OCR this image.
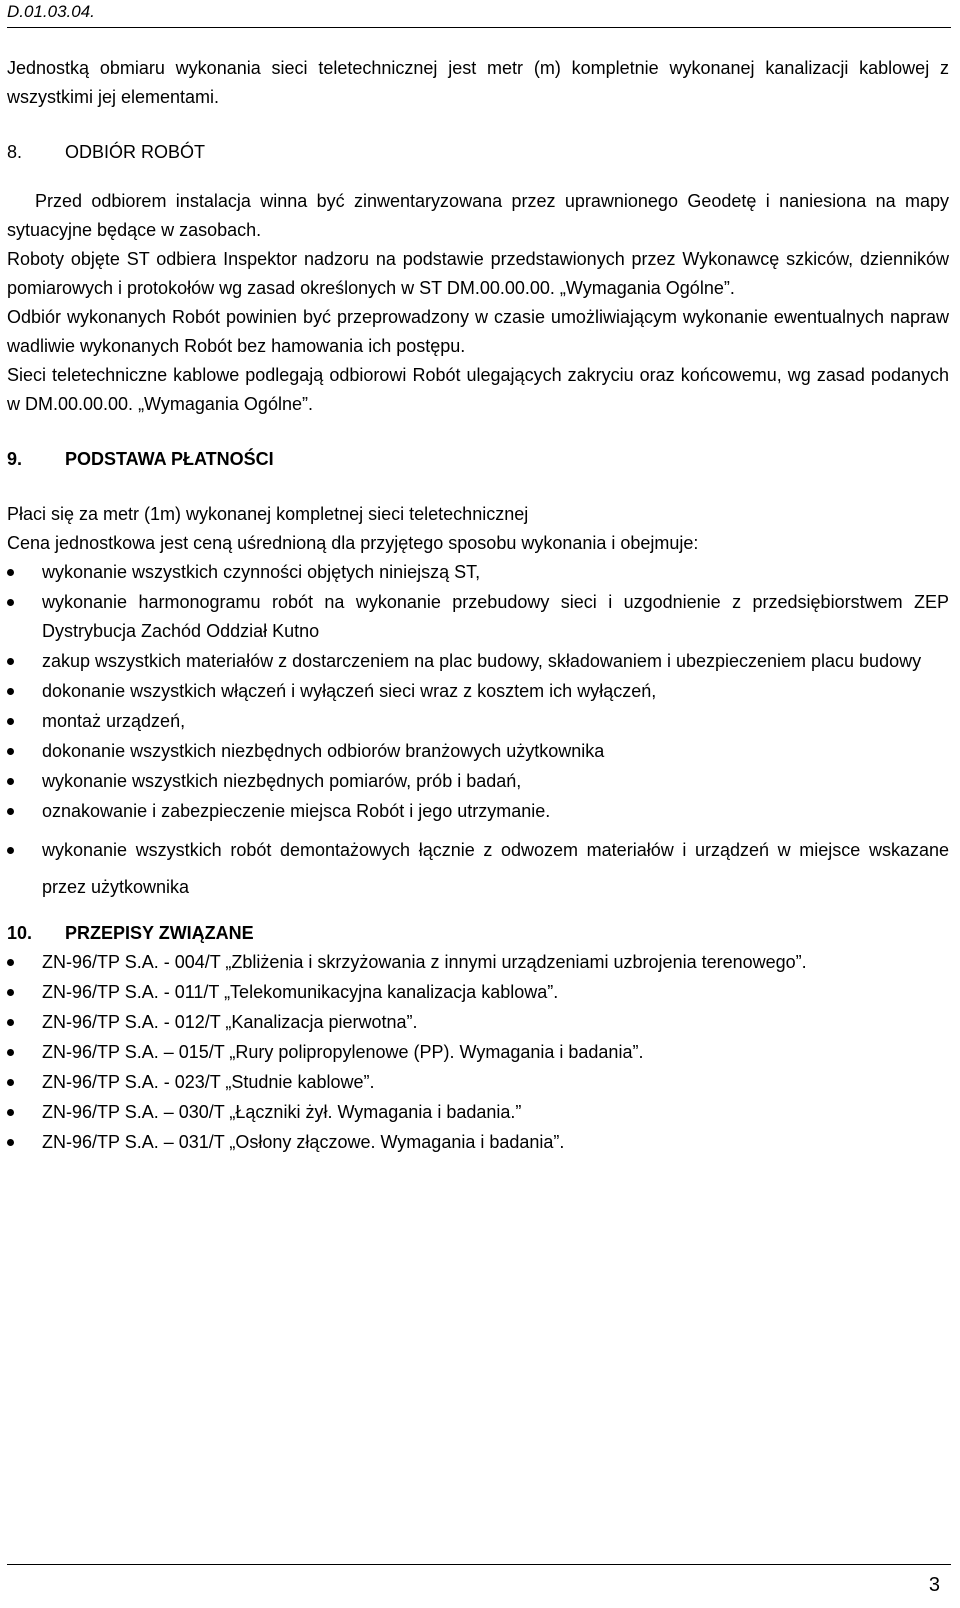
D.01.03.04.

Jednostką obmiaru wykonania sieci teletechnicznej jest metr (m) kompletnie wykonanej kanalizacji kablowej z wszystkimi jej elementami.

8.	ODBIÓR ROBÓT

Przed odbiorem instalacja winna być zinwentaryzowana przez uprawnionego Geodetę i naniesiona na mapy sytuacyjne będące w zasobach.

Roboty objęte ST odbiera Inspektor nadzoru na podstawie przedstawionych przez Wykonawcę szkiców, dzienników pomiarowych i protokołów wg zasad określonych w ST DM.00.00.00. „Wymagania Ogólne”.

Odbiór wykonanych Robót powinien być przeprowadzony w czasie umożliwiającym wykonanie ewentualnych napraw wadliwie wykonanych Robót bez hamowania ich postępu.

Sieci teletechniczne kablowe podlegają odbiorowi Robót ulegających zakryciu oraz końcowemu, wg zasad podanych w DM.00.00.00. „Wymagania Ogólne”.

9.	PODSTAWA PŁATNOŚCI

Płaci się za metr (1m) wykonanej kompletnej sieci teletechnicznej

Cena jednostkowa jest ceną uśrednioną dla przyjętego sposobu wykonania i obejmuje:

wykonanie wszystkich czynności objętych niniejszą ST,
wykonanie harmonogramu robót na wykonanie przebudowy sieci i uzgodnienie z przedsiębiorstwem ZEP Dystrybucja Zachód Oddział Kutno
zakup wszystkich materiałów z dostarczeniem na plac budowy, składowaniem i ubezpieczeniem placu budowy
dokonanie wszystkich włączeń i wyłączeń sieci wraz z kosztem ich wyłączeń,
montaż urządzeń,
dokonanie wszystkich niezbędnych odbiorów branżowych użytkownika
wykonanie wszystkich niezbędnych pomiarów, prób i badań,
oznakowanie i zabezpieczenie miejsca Robót i jego utrzymanie.
wykonanie wszystkich robót demontażowych łącznie z odwozem materiałów i urządzeń w miejsce wskazane przez użytkownika
10.	PRZEPISY ZWIĄZANE
ZN-96/TP S.A. - 004/T „Zbliżenia i skrzyżowania z innymi urządzeniami uzbrojenia terenowego”.
ZN-96/TP S.A. - 011/T „Telekomunikacyjna kanalizacja kablowa”.
ZN-96/TP S.A. - 012/T „Kanalizacja pierwotna”.
ZN-96/TP S.A. – 015/T „Rury polipropylenowe (PP). Wymagania i badania”.
ZN-96/TP S.A. - 023/T „Studnie kablowe”.
ZN-96/TP S.A. – 030/T „Łączniki żył. Wymagania i badania.”
ZN-96/TP S.A. – 031/T „Osłony złączowe. Wymagania i badania”.
3
